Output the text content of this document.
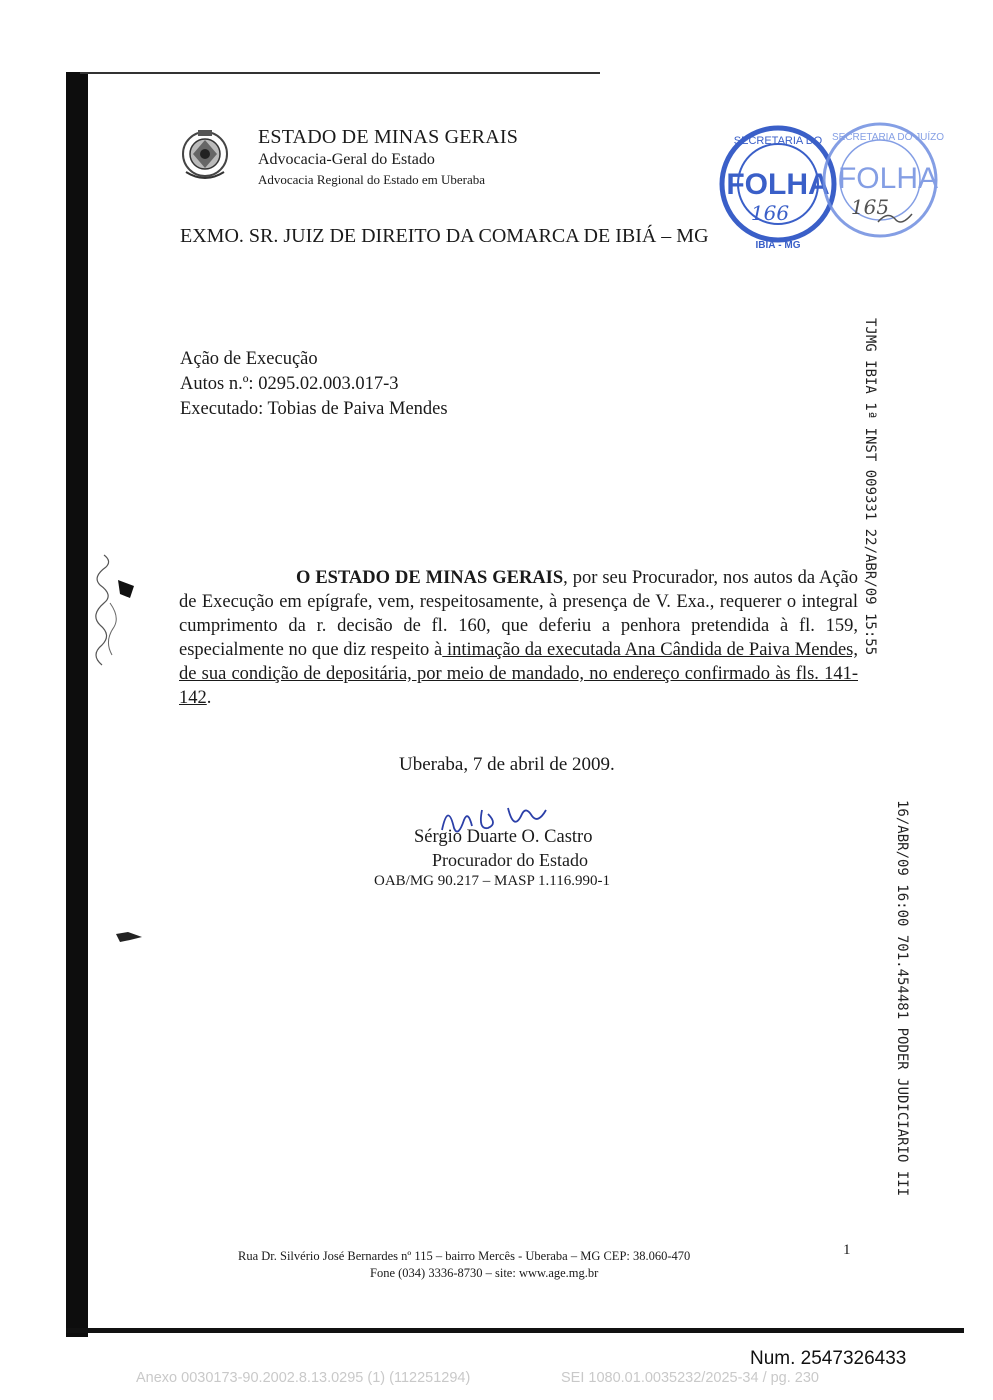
ESTADO DE MINAS GERAIS
Advocacia-Geral do Estado
Advocacia Regional do Estado em Uberaba
SECRETARIA DO
FOLHA
166
IBIÁ - MG
SECRETARIA DO JUÍZO
FOLHA
165
EXMO. SR. JUIZ DE DIREITO DA COMARCA DE IBIÁ – MG
Ação de Execução
Autos n.º: 0295.02.003.017-3
Executado: Tobias de Paiva Mendes	TJMG IBIA 1ª INST 009331 22/ABR/09 15:55
16/ABR/09 16:00 701.454481 PODER JUDICIARIO III
O ESTADO DE MINAS GERAIS, por seu Procurador, nos autos da Ação de Execução em epígrafe, vem, respeitosamente, à presença de V. Exa., requerer o integral cumprimento da r. decisão de fl. 160, que deferiu a penhora pretendida à fl. 159, especialmente no que diz respeito à intimação da executada Ana Cândida de Paiva Mendes, de sua condição de depositária, por meio de mandado, no endereço confirmado às fls. 141-142.
Uberaba, 7 de abril de 2009.
Sérgio Duarte O. Castro
Procurador do Estado
OAB/MG 90.217 – MASP 1.116.990-1
Rua Dr. Silvério José Bernardes nº 115 – bairro Mercês - Uberaba – MG CEP: 38.060-470
Fone (034) 3336-8730 – site: www.age.mg.br
1
Num. 2547326433
Anexo 0030173-90.2002.8.13.0295 (1) (112251294)	SEI 1080.01.0035232/2025-34 / pg. 230
